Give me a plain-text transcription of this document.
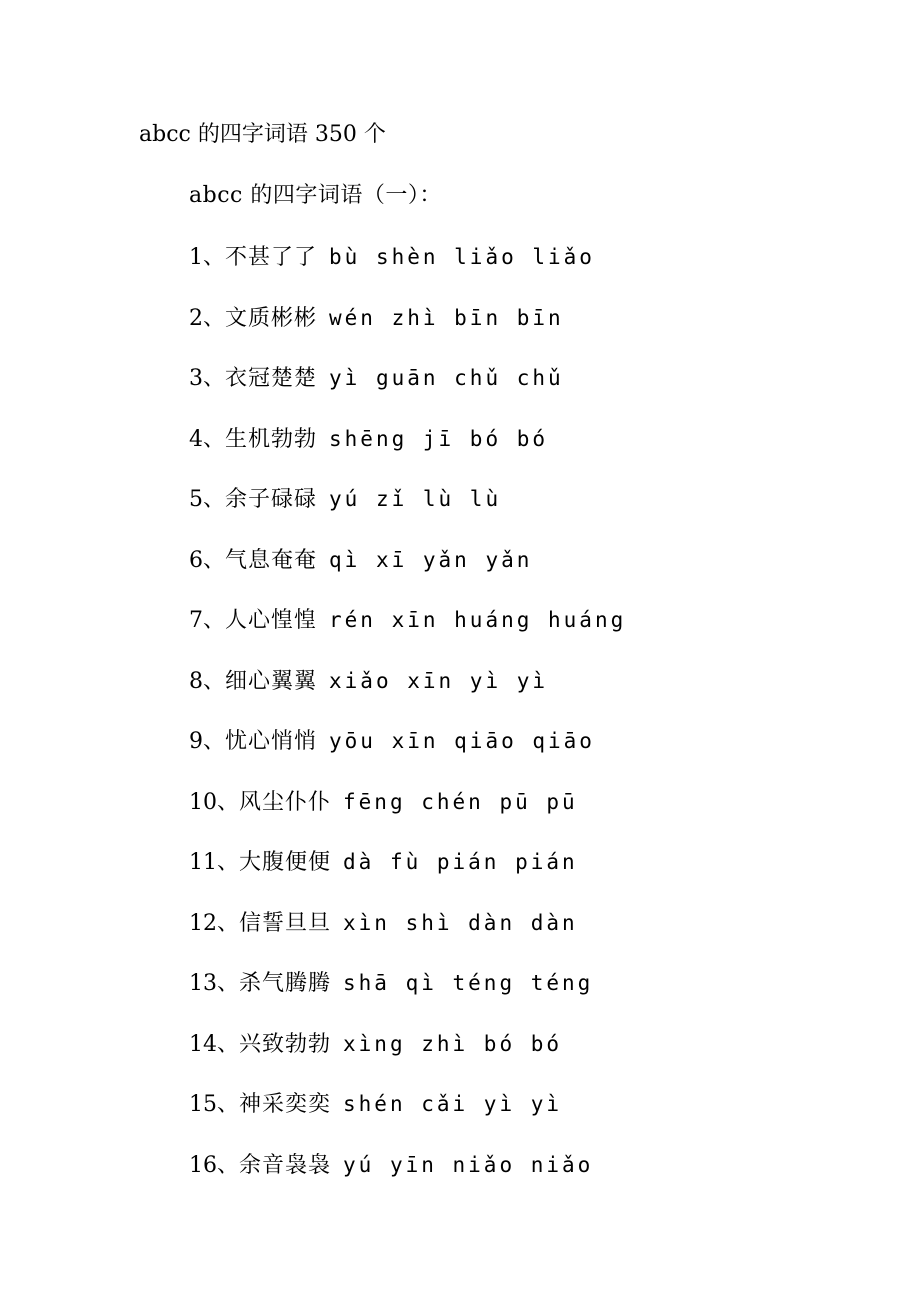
abcc 的四字词语 350 个
abcc 的四字词语（一）：
1、不甚了了 bù shèn liǎo liǎo
2、文质彬彬 wén zhì bīn bīn
3、衣冠楚楚 yì guān chǔ chǔ
4、生机勃勃 shēng jī bó bó
5、余子碌碌 yú zǐ lù lù
6、气息奄奄 qì xī yǎn yǎn
7、人心惶惶 rén xīn huáng huáng
8、细心翼翼 xiǎo xīn yì yì
9、忧心悄悄 yōu xīn qiāo qiāo
10、风尘仆仆 fēng chén pū pū
11、大腹便便 dà fù pián pián
12、信誓旦旦 xìn shì dàn dàn
13、杀气腾腾 shā qì téng téng
14、兴致勃勃 xìng zhì bó bó
15、神采奕奕 shén cǎi yì yì
16、余音袅袅 yú yīn niǎo niǎo
